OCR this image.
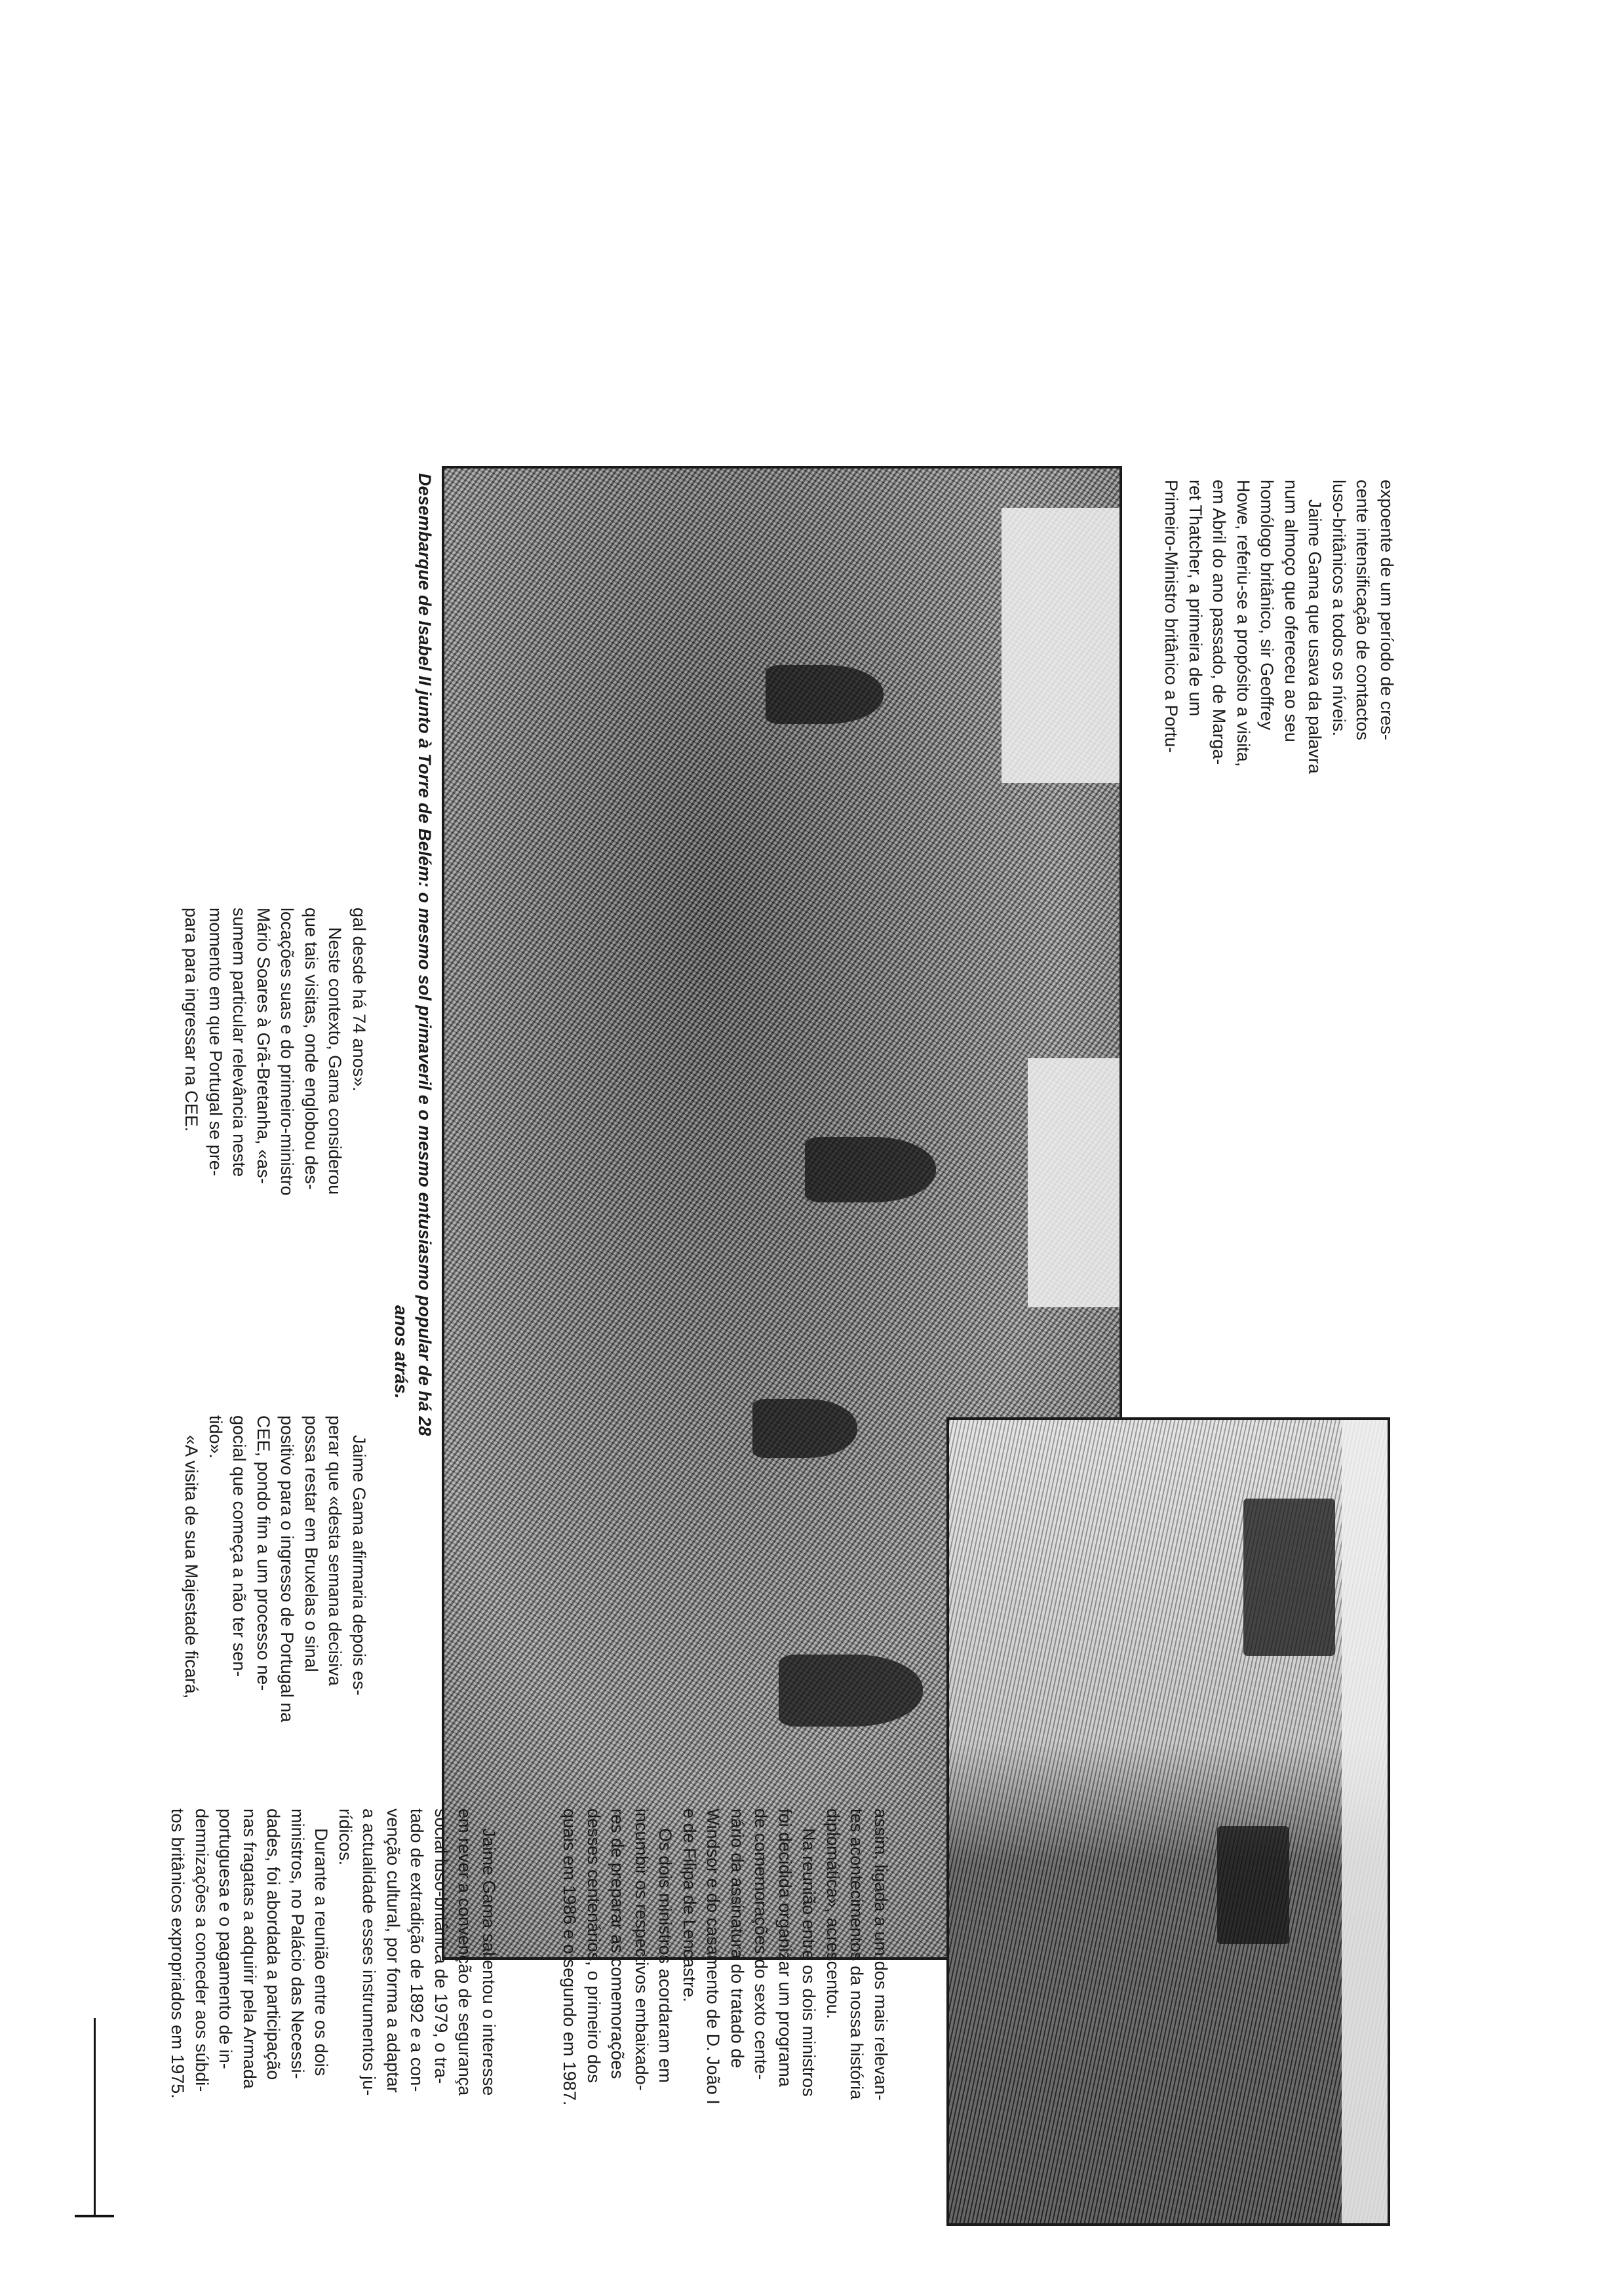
expoente de um período de cres-

cente intensificação de contactos

luso-britânicos a todos os níveis.

Jaime Gama que usava da palavra

num almoço que ofereceu ao seu

homólogo britânico, sir Geoffrey

Howe, referiu-se a propósito a visita,

em Abril do ano passado, de Marga-

ret Thatcher, a primeira de um

Primeiro-Ministro britânico a Portu-

Desembarque de Isabel II junto à Torre de Belém: o mesmo sol primaveril e o mesmo entusiasmo popular de há 28
anos atrás.

gal desde há 74 anos».

Neste contexto, Gama considerou

que tais visitas, onde englobou des-

locações suas e do primeiro-ministro

Mário Soares à Grã-Bretanha, «as-

sumem particular relevância neste

momento em que Portugal se pre-

para para ingressar na CEE.

Jaime Gama afirmaria depois es-

perar que «desta semana decisiva

possa restar em Bruxelas o sinal

positivo para o ingresso de Portugal na

CEE, pondo fim a um processo ne-

gocial que começa a não ter sen-

tido».

«A visita de sua Majestade ficará,

assim, ligada a um dos mais relevan-

tes acontecimentos da nossa história

diplomática», acrescentou.

Na reunião entre os dois ministros

foi decidida organizar um programa

de comemorações do sexto cente-

nário da assinatura do tratado de

Windsor e do casamento de D. João I

e de Filipa de Lencastre.

Os dois ministros acordaram em

incumbir os respectivos embaixado-

res de preparar as comemorações

desses centenários, o primeiro dos

quais em 1986 e o segundo em 1987.

Jaime Gama salientou o interesse

em rever a convenção de segurança

social luso-britânica de 1979, o tra-

tado de extradição de 1892 e a con-

venção cultural, por forma a adaptar

a actualidade esses instrumentos ju-

rídicos.

Durante a reunião entre os dois

ministros, no Palácio das Necessi-

dades, foi abordada a participação

nas fragatas a adquirir pela Armada

portuguesa e o pagamento de in-

demnizações a conceder aos súbdi-

tos britânicos expropriados em 1975.
